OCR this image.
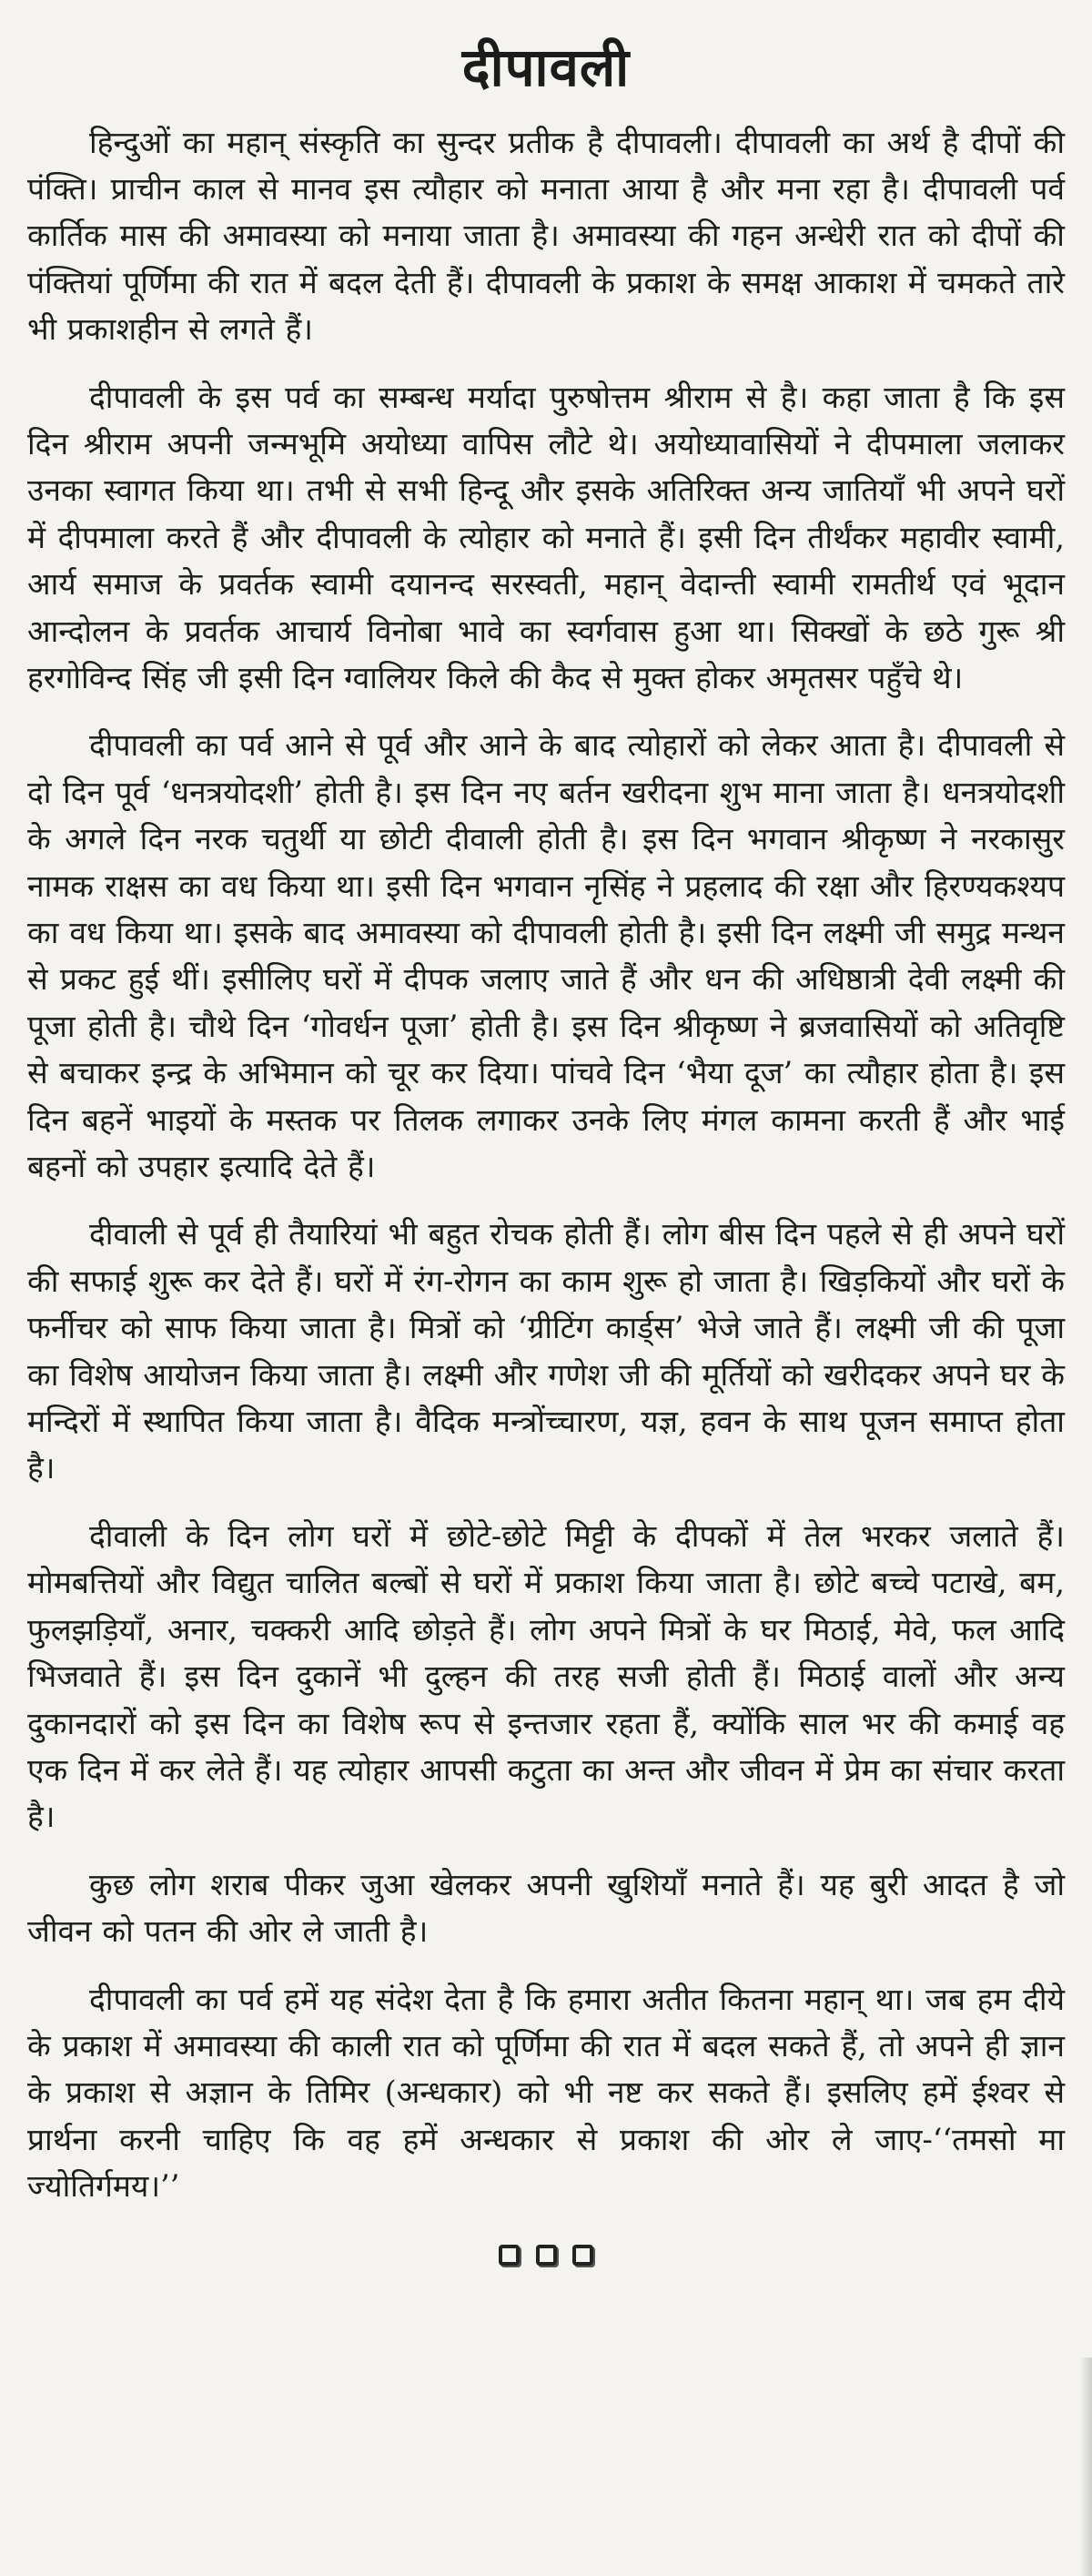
दीपावली

हिन्दुओं का महान् संस्कृति का सुन्दर प्रतीक है दीपावली। दीपावली का अर्थ है दीपों की पंक्ति। प्राचीन काल से मानव इस त्यौहार को मनाता आया है और मना रहा है। दीपावली पर्व कार्तिक मास की अमावस्या को मनाया जाता है। अमावस्या की गहन अन्धेरी रात को दीपों की पंक्तियां पूर्णिमा की रात में बदल देती हैं। दीपावली के प्रकाश के समक्ष आकाश में चमकते तारे भी प्रकाशहीन से लगते हैं।

दीपावली के इस पर्व का सम्बन्ध मर्यादा पुरुषोत्तम श्रीराम से है। कहा जाता है कि इस दिन श्रीराम अपनी जन्मभूमि अयोध्या वापिस लौटे थे। अयोध्यावासियों ने दीपमाला जलाकर उनका स्वागत किया था। तभी से सभी हिन्दू और इसके अतिरिक्त अन्य जातियाँ भी अपने घरों में दीपमाला करते हैं और दीपावली के त्योहार को मनाते हैं। इसी दिन तीर्थंकर महावीर स्वामी, आर्य समाज के प्रवर्तक स्वामी दयानन्द सरस्वती, महान् वेदान्ती स्वामी रामतीर्थ एवं भूदान आन्दोलन के प्रवर्तक आचार्य विनोबा भावे का स्वर्गवास हुआ था। सिक्खों के छठे गुरू श्री हरगोविन्द सिंह जी इसी दिन ग्वालियर किले की कैद से मुक्त होकर अमृतसर पहुँचे थे।

दीपावली का पर्व आने से पूर्व और आने के बाद त्योहारों को लेकर आता है। दीपावली से दो दिन पूर्व ‘धनत्रयोदशी’ होती है। इस दिन नए बर्तन खरीदना शुभ माना जाता है। धनत्रयोदशी के अगले दिन नरक चतुर्थी या छोटी दीवाली होती है। इस दिन भगवान श्रीकृष्ण ने नरकासुर नामक राक्षस का वध किया था। इसी दिन भगवान नृसिंह ने प्रहलाद की रक्षा और हिरण्यकश्यप का वध किया था। इसके बाद अमावस्या को दीपावली होती है। इसी दिन लक्ष्मी जी समुद्र मन्थन से प्रकट हुई थीं। इसीलिए घरों में दीपक जलाए जाते हैं और धन की अधिष्ठात्री देवी लक्ष्मी की पूजा होती है। चौथे दिन ‘गोवर्धन पूजा’ होती है। इस दिन श्रीकृष्ण ने ब्रजवासियों को अतिवृष्टि से बचाकर इन्द्र के अभिमान को चूर कर दिया। पांचवे दिन ‘भैया दूज’ का त्यौहार होता है। इस दिन बहनें भाइयों के मस्तक पर तिलक लगाकर उनके लिए मंगल कामना करती हैं और भाई बहनों को उपहार इत्यादि देते हैं।

दीवाली से पूर्व ही तैयारियां भी बहुत रोचक होती हैं। लोग बीस दिन पहले से ही अपने घरों की सफाई शुरू कर देते हैं। घरों में रंग-रोगन का काम शुरू हो जाता है। खिड़कियों और घरों के फर्नीचर को साफ किया जाता है। मित्रों को ‘ग्रीटिंग कार्ड्स’ भेजे जाते हैं। लक्ष्मी जी की पूजा का विशेष आयोजन किया जाता है। लक्ष्मी और गणेश जी की मूर्तियों को खरीदकर अपने घर के मन्दिरों में स्थापित किया जाता है। वैदिक मन्त्रोंच्चारण, यज्ञ, हवन के साथ पूजन समाप्त होता है।

दीवाली के दिन लोग घरों में छोटे-छोटे मिट्टी के दीपकों में तेल भरकर जलाते हैं। मोमबत्तियों और विद्युत चालित बल्बों से घरों में प्रकाश किया जाता है। छोटे बच्चे पटाखे, बम, फुलझड़ियाँ, अनार, चक्करी आदि छोड़ते हैं। लोग अपने मित्रों के घर मिठाई, मेवे, फल आदि भिजवाते हैं। इस दिन दुकानें भी दुल्हन की तरह सजी होती हैं। मिठाई वालों और अन्य दुकानदारों को इस दिन का विशेष रूप से इन्तजार रहता हैं, क्योंकि साल भर की कमाई वह एक दिन में कर लेते हैं। यह त्योहार आपसी कटुता का अन्त और जीवन में प्रेम का संचार करता है।

कुछ लोग शराब पीकर जुआ खेलकर अपनी खुशियाँ मनाते हैं। यह बुरी आदत है जो जीवन को पतन की ओर ले जाती है।

दीपावली का पर्व हमें यह संदेश देता है कि हमारा अतीत कितना महान् था। जब हम दीये के प्रकाश में अमावस्या की काली रात को पूर्णिमा की रात में बदल सकते हैं, तो अपने ही ज्ञान के प्रकाश से अज्ञान के तिमिर (अन्धकार) को भी नष्ट कर सकते हैं। इसलिए हमें ईश्वर से प्रार्थना करनी चाहिए कि वह हमें अन्धकार से प्रकाश की ओर ले जाए-‘‘तमसो मा ज्योतिर्गमय।’’
